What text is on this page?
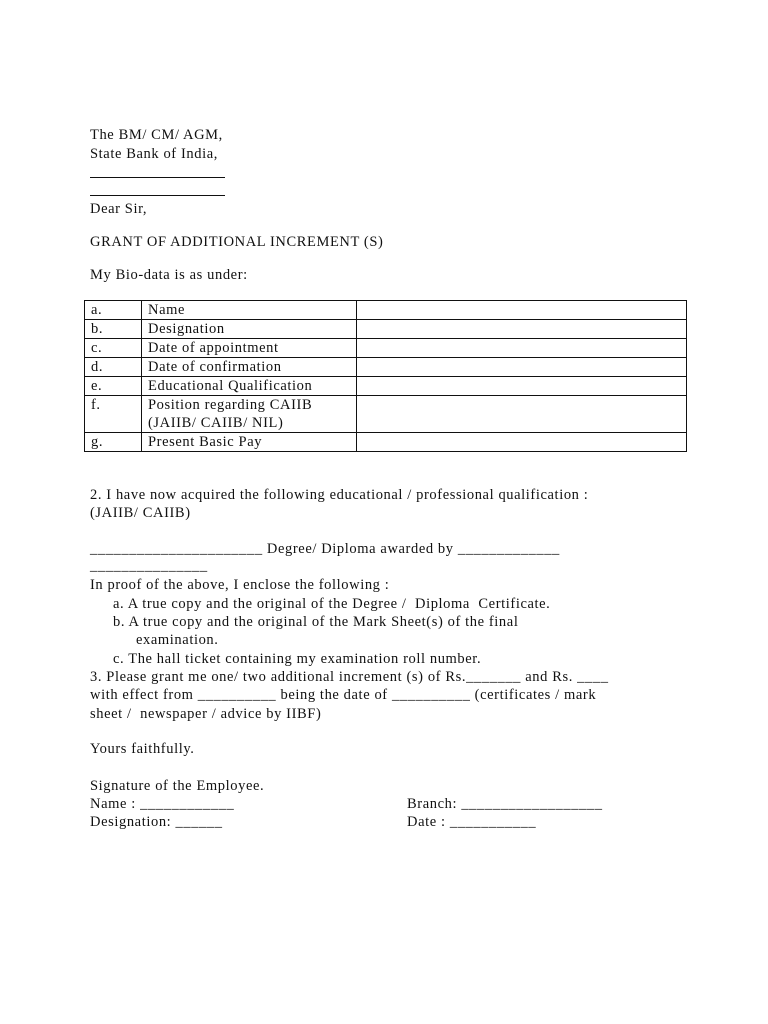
The BM/ CM/ AGM,
State Bank of India,
Dear Sir,
GRANT OF ADDITIONAL INCREMENT (S)
My Bio-data is as under:
a.	Name	
b.	Designation	
c.	Date of appointment	
d.	Date of confirmation	
e.	Educational Qualification	
f.	Position regarding CAIIB
(JAIIB/ CAIIB/ NIL)	
g.	Present Basic Pay	
2. I have now acquired the following educational / professional qualification :
(JAIIB/ CAIIB)
______________________ Degree/ Diploma awarded by _____________
_______________
In proof of the above, I enclose the following :
a. A true copy and the original of the Degree /  Diploma  Certificate.
b. A true copy and the original of the Mark Sheet(s) of the final
examination.
c. The hall ticket containing my examination roll number.
3. Please grant me one/ two additional increment (s) of Rs._______ and Rs. ____
with effect from __________ being the date of __________ (certificates / mark
sheet /  newspaper / advice by IIBF)
Yours faithfully.
Signature of the Employee.
Name : ____________
Designation: ______
Branch: __________________
Date : ___________
